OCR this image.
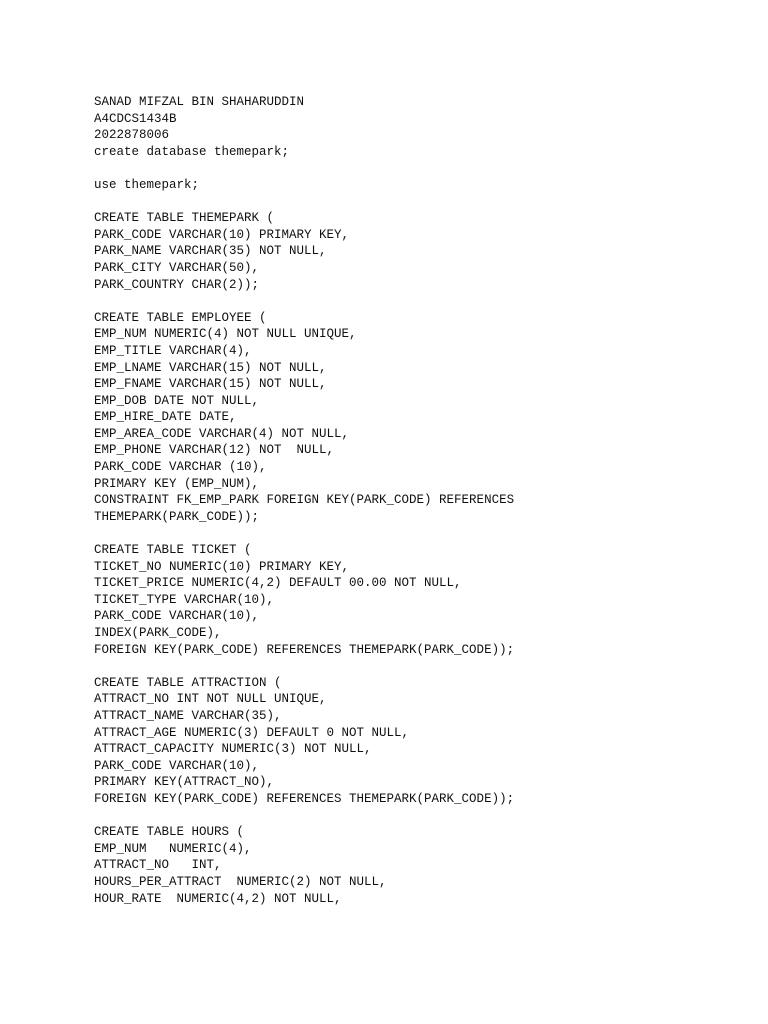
SANAD MIFZAL BIN SHAHARUDDIN
A4CDCS1434B
2022878006
create database themepark;
use themepark;
CREATE TABLE THEMEPARK (
PARK_CODE VARCHAR(10) PRIMARY KEY,
PARK_NAME VARCHAR(35) NOT NULL,
PARK_CITY VARCHAR(50),
PARK_COUNTRY CHAR(2));
CREATE TABLE EMPLOYEE (
EMP_NUM NUMERIC(4) NOT NULL UNIQUE,
EMP_TITLE VARCHAR(4),
EMP_LNAME VARCHAR(15) NOT NULL,
EMP_FNAME VARCHAR(15) NOT NULL,
EMP_DOB DATE NOT NULL,
EMP_HIRE_DATE DATE,
EMP_AREA_CODE VARCHAR(4) NOT NULL,
EMP_PHONE VARCHAR(12) NOT  NULL,
PARK_CODE VARCHAR (10),
PRIMARY KEY (EMP_NUM),
CONSTRAINT FK_EMP_PARK FOREIGN KEY(PARK_CODE) REFERENCES
THEMEPARK(PARK_CODE));
CREATE TABLE TICKET (
TICKET_NO NUMERIC(10) PRIMARY KEY,
TICKET_PRICE NUMERIC(4,2) DEFAULT 00.00 NOT NULL,
TICKET_TYPE VARCHAR(10),
PARK_CODE VARCHAR(10),
INDEX(PARK_CODE),
FOREIGN KEY(PARK_CODE) REFERENCES THEMEPARK(PARK_CODE));
CREATE TABLE ATTRACTION (
ATTRACT_NO INT NOT NULL UNIQUE,
ATTRACT_NAME VARCHAR(35),
ATTRACT_AGE NUMERIC(3) DEFAULT 0 NOT NULL,
ATTRACT_CAPACITY NUMERIC(3) NOT NULL,
PARK_CODE VARCHAR(10),
PRIMARY KEY(ATTRACT_NO),
FOREIGN KEY(PARK_CODE) REFERENCES THEMEPARK(PARK_CODE));
CREATE TABLE HOURS (
EMP_NUM   NUMERIC(4),
ATTRACT_NO   INT,
HOURS_PER_ATTRACT  NUMERIC(2) NOT NULL,
HOUR_RATE  NUMERIC(4,2) NOT NULL,
